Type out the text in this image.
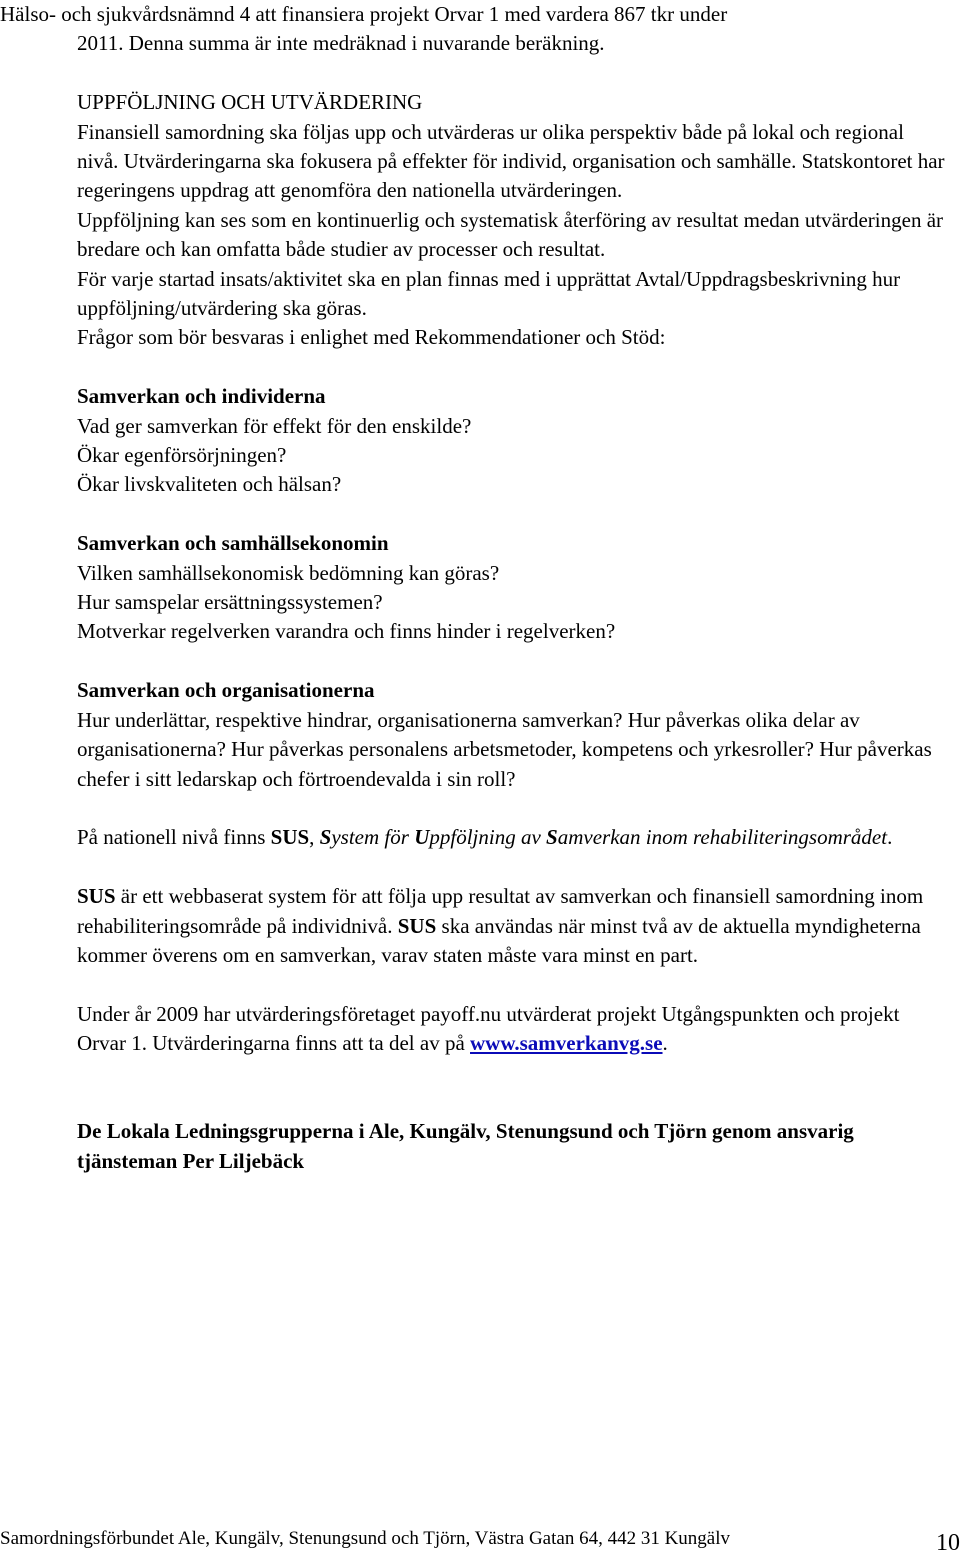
Hälso- och sjukvårdsnämnd 4 att finansiera projekt Orvar 1 med vardera 867 tkr under

2011. Denna summa är inte medräknad i nuvarande beräkning.

UPPFÖLJNING OCH UTVÄRDERING

Finansiell samordning ska följas upp och utvärderas ur olika perspektiv både på lokal och regional nivå. Utvärderingarna ska fokusera på effekter för individ, organisation och samhälle. Statskontoret har regeringens uppdrag att genomföra den nationella utvärderingen.

Uppföljning kan ses som en kontinuerlig och systematisk återföring av resultat medan utvärderingen är bredare och kan omfatta både studier av processer och resultat.

För varje startad insats/aktivitet ska en plan finnas med i upprättat Avtal/Uppdragsbeskrivning hur uppföljning/utvärdering ska göras.

Frågor som bör besvaras i enlighet med Rekommendationer och Stöd:

Samverkan och individerna

Vad ger samverkan för effekt för den enskilde?

Ökar egenförsörjningen?

Ökar livskvaliteten och hälsan?

Samverkan och samhällsekonomin

Vilken samhällsekonomisk bedömning kan göras?

Hur samspelar ersättningssystemen?

Motverkar regelverken varandra och finns hinder i regelverken?

Samverkan och organisationerna

Hur underlättar, respektive hindrar, organisationerna samverkan? Hur påverkas olika delar av organisationerna? Hur påverkas personalens arbetsmetoder, kompetens och yrkesroller? Hur påverkas chefer i sitt ledarskap och förtroendevalda i sin roll?

På nationell nivå finns SUS, System för Uppföljning av Samverkan inom rehabiliteringsområdet.

SUS är ett webbaserat system för att följa upp resultat av samverkan och finansiell samordning inom rehabiliteringsområde på individnivå. SUS ska användas när minst två av de aktuella myndigheterna kommer överens om en samverkan, varav staten måste vara minst en part.

Under år 2009 har utvärderingsföretaget payoff.nu utvärderat projekt Utgångspunkten och projekt Orvar 1. Utvärderingarna finns att ta del av på www.samverkanvg.se.

De Lokala Ledningsgrupperna i Ale, Kungälv, Stenungsund och Tjörn genom ansvarig tjänsteman Per Liljebäck

Samordningsförbundet Ale, Kungälv, Stenungsund och Tjörn, Västra Gatan 64, 442 31 Kungälv	10
